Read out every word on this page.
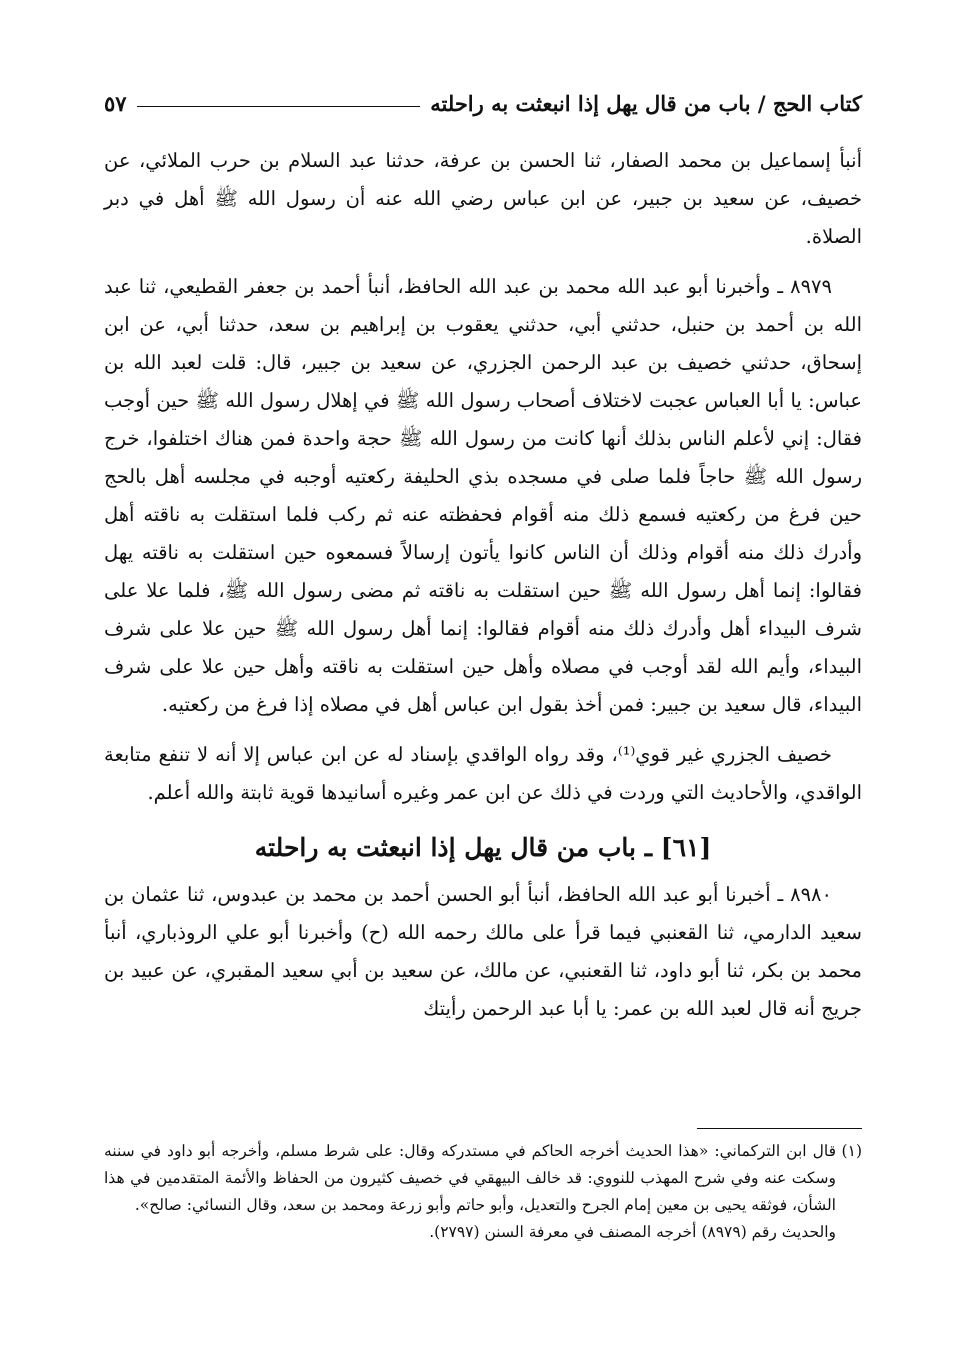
كتاب الحج / باب من قال يهل إذا انبعثت به راحلته
٥٧

أنبأ إسماعيل بن محمد الصفار، ثنا الحسن بن عرفة، حدثنا عبد السلام بن حرب الملائي، عن خصيف، عن سعيد بن جبير، عن ابن عباس رضي الله عنه أن رسول الله ﷺ أهل في دبر الصلاة.

٨٩٧٩ ـ وأخبرنا أبو عبد الله محمد بن عبد الله الحافظ، أنبأ أحمد بن جعفر القطيعي، ثنا عبد الله بن أحمد بن حنبل، حدثني أبي، حدثني يعقوب بن إبراهيم بن سعد، حدثنا أبي، عن ابن إسحاق، حدثني خصيف بن عبد الرحمن الجزري، عن سعيد بن جبير، قال: قلت لعبد الله بن عباس: يا أبا العباس عجبت لاختلاف أصحاب رسول الله ﷺ في إهلال رسول الله ﷺ حين أوجب فقال: إني لأعلم الناس بذلك أنها كانت من رسول الله ﷺ حجة واحدة فمن هناك اختلفوا، خرج رسول الله ﷺ حاجاً فلما صلى في مسجده بذي الحليفة ركعتيه أوجبه في مجلسه أهل بالحج حين فرغ من ركعتيه فسمع ذلك منه أقوام فحفظته عنه ثم ركب فلما استقلت به ناقته أهل وأدرك ذلك منه أقوام وذلك أن الناس كانوا يأتون إرسالاً فسمعوه حين استقلت به ناقته يهل فقالوا: إنما أهل رسول الله ﷺ حين استقلت به ناقته ثم مضى رسول الله ﷺ، فلما علا على شرف البيداء أهل وأدرك ذلك منه أقوام فقالوا: إنما أهل رسول الله ﷺ حين علا على شرف البيداء، وأيم الله لقد أوجب في مصلاه وأهل حين استقلت به ناقته وأهل حين علا على شرف البيداء، قال سعيد بن جبير: فمن أخذ بقول ابن عباس أهل في مصلاه إذا فرغ من ركعتيه.

خصيف الجزري غير قوي⁽¹⁾، وقد رواه الواقدي بإسناد له عن ابن عباس إلا أنه لا تنفع متابعة الواقدي، والأحاديث التي وردت في ذلك عن ابن عمر وغيره أسانيدها قوية ثابتة والله أعلم.

[٦١] ـ باب من قال يهل إذا انبعثت به راحلته

٨٩٨٠ ـ أخبرنا أبو عبد الله الحافظ، أنبأ أبو الحسن أحمد بن محمد بن عبدوس، ثنا عثمان بن سعيد الدارمي، ثنا القعنبي فيما قرأ على مالك رحمه الله (ح) وأخبرنا أبو علي الروذباري، أنبأ محمد بن بكر، ثنا أبو داود، ثنا القعنبي، عن مالك، عن سعيد بن أبي سعيد المقبري، عن عبيد بن جريج أنه قال لعبد الله بن عمر: يا أبا عبد الرحمن رأيتك

(١)
قال ابن التركماني: «هذا الحديث أخرجه الحاكم في مستدركه وقال: على شرط مسلم، وأخرجه أبو داود في سننه وسكت عنه وفي شرح المهذب للنووي: قد خالف البيهقي في خصيف كثيرون من الحفاظ والأئمة المتقدمين في هذا الشأن، فوثقه يحيى بن معين إمام الجرح والتعديل، وأبو حاتم وأبو زرعة ومحمد بن سعد، وقال النسائي: صالح».

والحديث رقم (٨٩٧٩) أخرجه المصنف في معرفة السنن (٢٧٩٧).
